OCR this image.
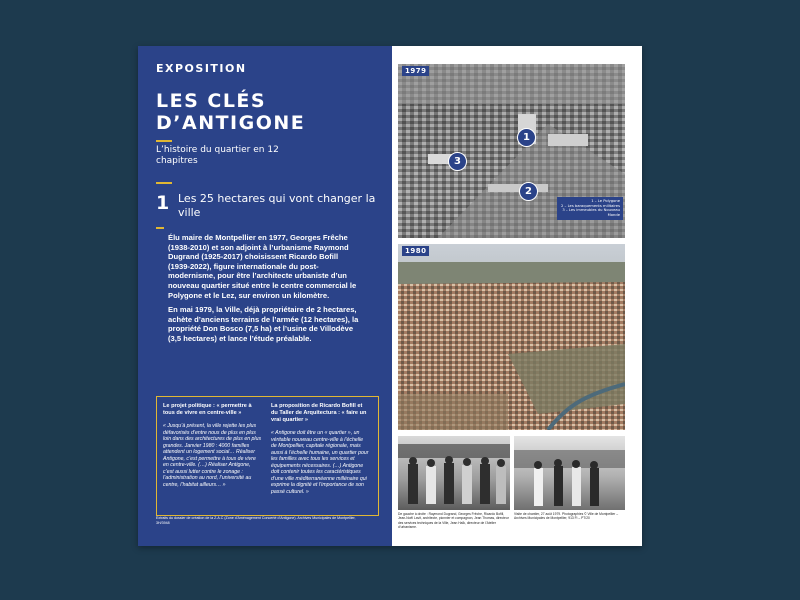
EXPOSITION
LES CLÉS D’ANTIGONE
L’histoire du quartier en 12 chapitres
1 Les 25 hectares qui vont changer la ville

Élu maire de Montpellier en 1977, Georges Frêche (1938-2010) et son adjoint à l’urbanisme Raymond Dugrand (1925-2017) choisissent Ricardo Bofill (1939-2022), figure internationale du post-modernisme, pour être l’architecte urbaniste d’un nouveau quartier situé entre le centre commercial le Polygone et le Lez, sur environ un kilomètre.

En mai 1979, la Ville, déjà propriétaire de 2 hectares, achète d’anciens terrains de l’armée (12 hectares), la propriété Don Bosco (7,5 ha) et l’usine de Villodève (3,5 hectares) et lance l’étude préalable.

Le projet politique : « permettre à tous de vivre en centre-ville »
« Jusqu’à présent, la ville rejette les plus défavorisés d’entre nous de plus en plus loin dans des architectures de plus en plus grandes. Janvier 1980 : 4000 familles attendent un logement social… Réaliser Antigone, c’est permettre à tous de vivre en centre-ville. (…) Réaliser Antigone, c’est aussi lutter contre le zonage : l’administration au nord, l’université au centre, l’habitat ailleurs… »
La proposition de Ricardo Bofill et du Taller de Arquitectura : « faire un vrai quartier »
« Antigone doit être un « quartier », un véritable nouveau centre-ville à l’échelle de Montpellier, capitale régionale, mais aussi à l’échelle humaine, un quartier pour les familles avec tous les services et équipements nécessaires. (…) Antigone doit contenir toutes les caractéristiques d’une ville méditerranéenne millénaire qui exprime la dignité et l’importance de son passé culturel. »
Extraits du dossier de création de la Z.A.C (Zone d’Aménagement Concerté d’Antigone). Archives Municipales de Montpellier, 3H/3948
1979
1
2
3
1 – Le Polygone
2 – Les baraquements militaires
3 – Les immeubles du Nouveau Monde
1980
De gauche à droite : Raymond Dugrand, Georges Frêche, Ricardo Bofill, Jean-Noël Lavit, architecte, pionnier et compagnon, Jean Thomas, directeur des services techniques de la Ville, Jean Haïk, directeur de l’Atelier d’urbanisme.
Visite de chantier, 27 août 1979. Photographies © Ville de Montpellier – Archives Municipales de Montpellier, 913 Fi – PT/20
